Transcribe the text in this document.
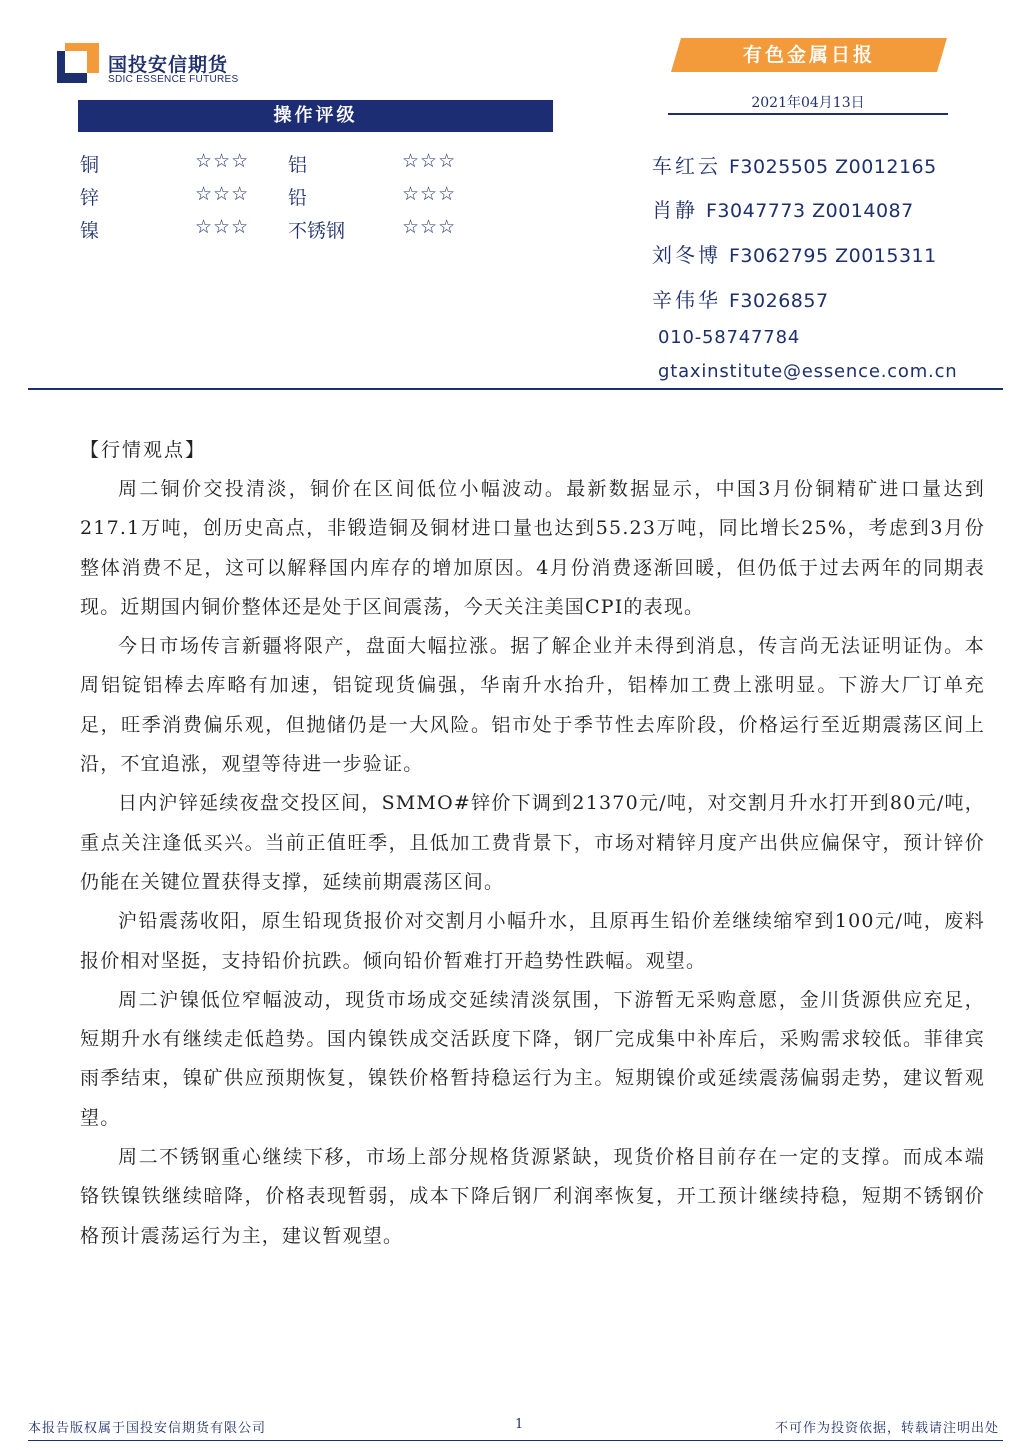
国投安信期货
SDIC ESSENCE FUTURES
有色金属日报
2021年04月13日
操作评级
铜	☆☆☆ 铝	☆☆☆
锌	☆☆☆ 铅	☆☆☆
镍	☆☆☆ 不锈钢	☆☆☆
车红云 F3025505 Z0012165
肖静 F3047773 Z0014087
刘冬博 F3062795 Z0015311
辛伟华 F3026857
010-58747784
gtaxinstitute@essence.com.cn
【行情观点】

周二铜价交投清淡，铜价在区间低位小幅波动。最新数据显示，中国3月份铜精矿进口量达到217.1万吨，创历史高点，非锻造铜及铜材进口量也达到55.23万吨，同比增长25%，考虑到3月份整体消费不足，这可以解释国内库存的增加原因。4月份消费逐渐回暖，但仍低于过去两年的同期表现。近期国内铜价整体还是处于区间震荡，今天关注美国CPI的表现。

今日市场传言新疆将限产，盘面大幅拉涨。据了解企业并未得到消息，传言尚无法证明证伪。本周铝锭铝棒去库略有加速，铝锭现货偏强，华南升水抬升，铝棒加工费上涨明显。下游大厂订单充足，旺季消费偏乐观，但抛储仍是一大风险。铝市处于季节性去库阶段，价格运行至近期震荡区间上沿，不宜追涨，观望等待进一步验证。

日内沪锌延续夜盘交投区间，SMMO#锌价下调到21370元/吨，对交割月升水打开到80元/吨，重点关注逢低买兴。当前正值旺季，且低加工费背景下，市场对精锌月度产出供应偏保守，预计锌价仍能在关键位置获得支撑，延续前期震荡区间。

沪铅震荡收阳，原生铅现货报价对交割月小幅升水，且原再生铅价差继续缩窄到100元/吨，废料报价相对坚挺，支持铅价抗跌。倾向铅价暂难打开趋势性跌幅。观望。

周二沪镍低位窄幅波动，现货市场成交延续清淡氛围，下游暂无采购意愿，金川货源供应充足，短期升水有继续走低趋势。国内镍铁成交活跃度下降，钢厂完成集中补库后，采购需求较低。菲律宾雨季结束，镍矿供应预期恢复，镍铁价格暂持稳运行为主。短期镍价或延续震荡偏弱走势，建议暂观望。

周二不锈钢重心继续下移，市场上部分规格货源紧缺，现货价格目前存在一定的支撑。而成本端铬铁镍铁继续暗降，价格表现暂弱，成本下降后钢厂利润率恢复，开工预计继续持稳，短期不锈钢价格预计震荡运行为主，建议暂观望。

本报告版权属于国投安信期货有限公司	1	不可作为投资依据，转载请注明出处
